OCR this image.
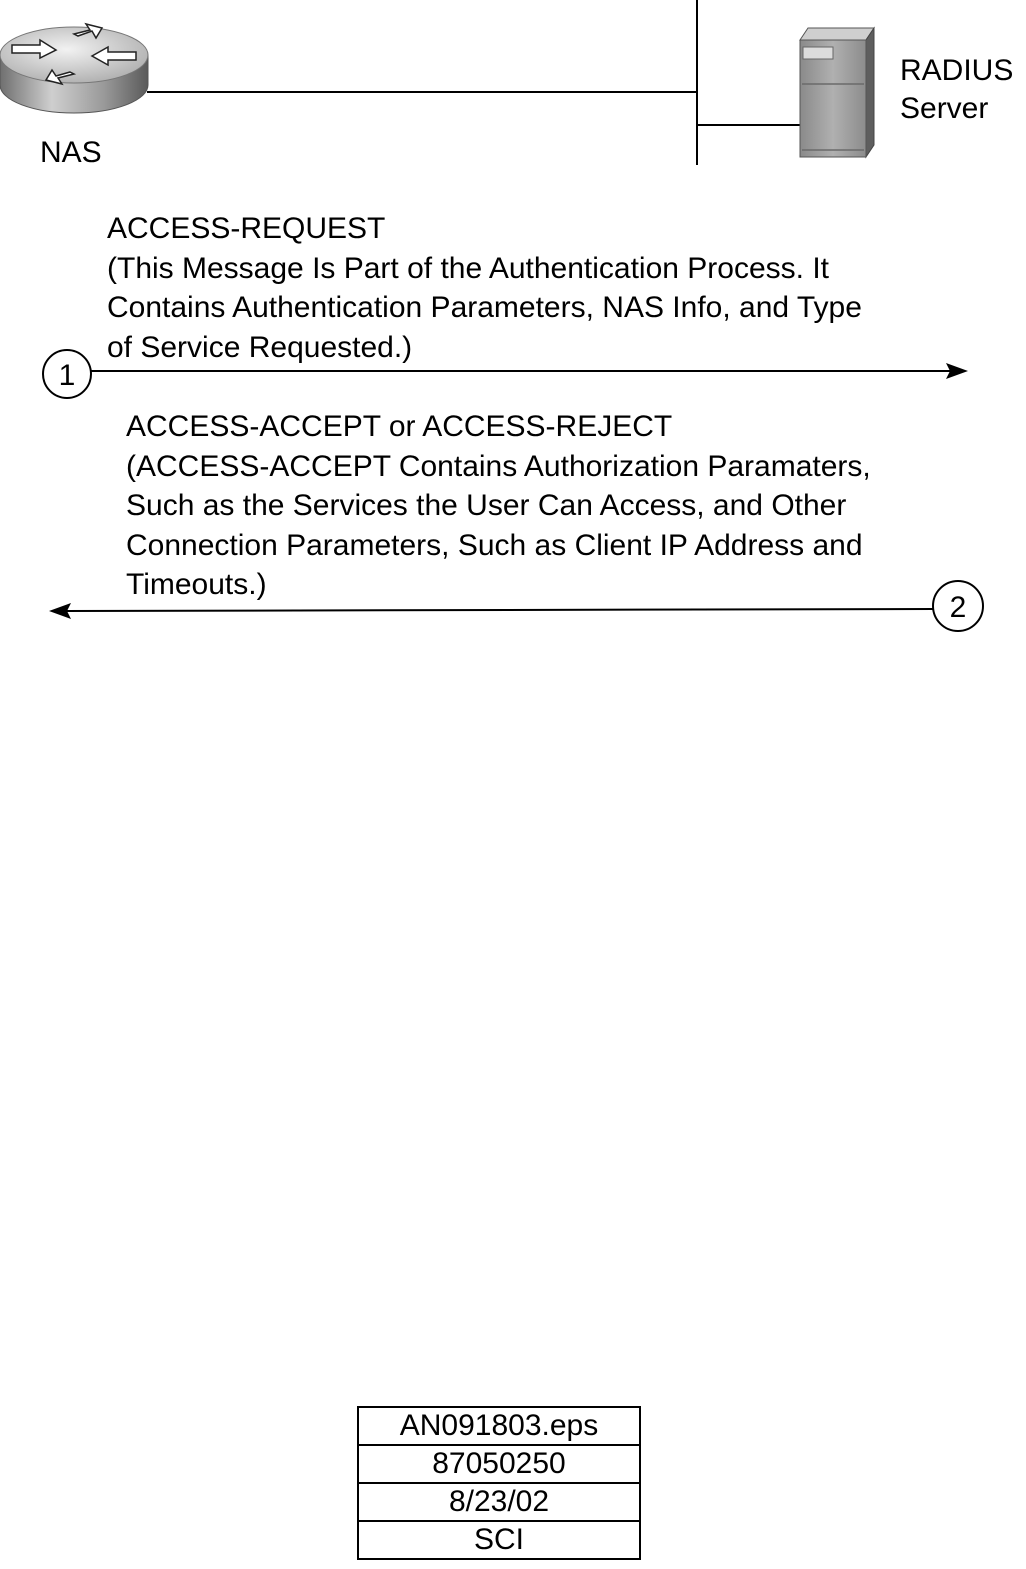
1
2
NAS
RADIUS
Server
ACCESS-REQUEST
(This Message Is Part of the Authentication Process. It
Contains Authentication Parameters, NAS Info, and Type
of Service Requested.)
ACCESS-ACCEPT or ACCESS-REJECT
(ACCESS-ACCEPT Contains Authorization Paramaters,
Such as the Services the User Can Access, and Other
Connection Parameters, Such as Client IP Address and
Timeouts.)
AN091803.eps
87050250
8/23/02
SCI
